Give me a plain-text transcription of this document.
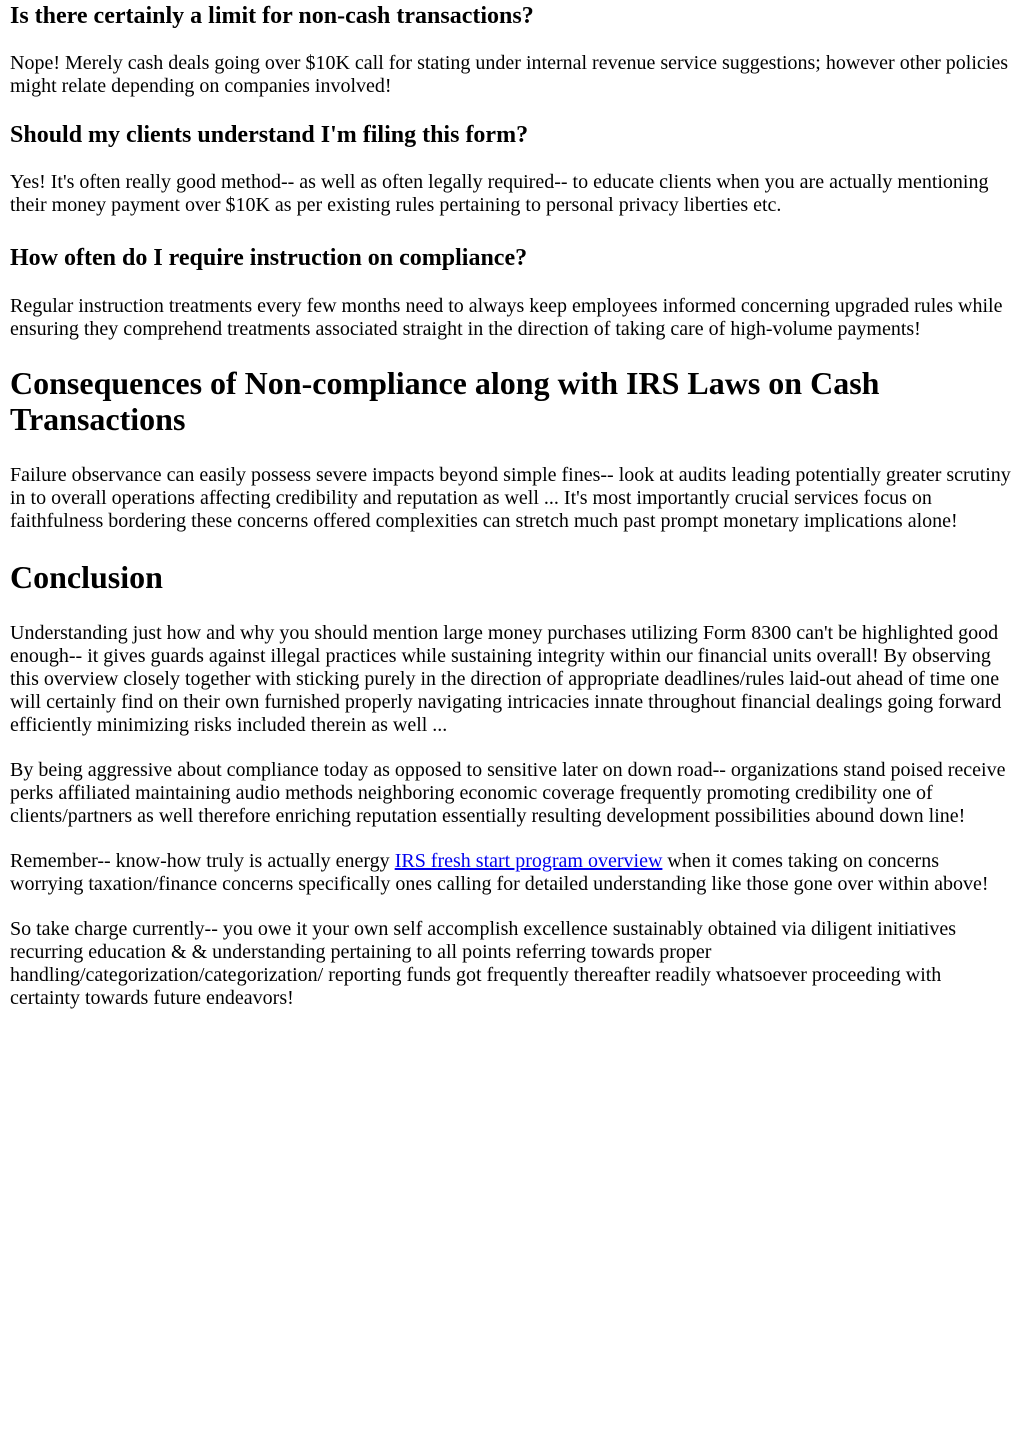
Is there certainly a limit for non-cash transactions?

Nope! Merely cash deals going over $10K call for stating under internal revenue service suggestions; however other policies might relate depending on companies involved!

Should my clients understand I'm filing this form?

Yes! It's often really good method-- as well as often legally required-- to educate clients when you are actually mentioning their money payment over $10K as per existing rules pertaining to personal privacy liberties etc.

How often do I require instruction on compliance?

Regular instruction treatments every few months need to always keep employees informed concerning upgraded rules while ensuring they comprehend treatments associated straight in the direction of taking care of high-volume payments!

Consequences of Non-compliance along with IRS Laws on Cash Transactions

Failure observance can easily possess severe impacts beyond simple fines-- look at audits leading potentially greater scrutiny in to overall operations affecting credibility and reputation as well ... It's most importantly crucial services focus on faithfulness bordering these concerns offered complexities can stretch much past prompt monetary implications alone!

Conclusion

Understanding just how and why you should mention large money purchases utilizing Form 8300 can't be highlighted good enough-- it gives guards against illegal practices while sustaining integrity within our financial units overall! By observing this overview closely together with sticking purely in the direction of appropriate deadlines/rules laid-out ahead of time one will certainly find on their own furnished properly navigating intricacies innate throughout financial dealings going forward efficiently minimizing risks included therein as well ...

By being aggressive about compliance today as opposed to sensitive later on down road-- organizations stand poised receive perks affiliated maintaining audio methods neighboring economic coverage frequently promoting credibility one of clients/partners as well therefore enriching reputation essentially resulting development possibilities abound down line!

Remember-- know-how truly is actually energy IRS fresh start program overview when it comes taking on concerns worrying taxation/finance concerns specifically ones calling for detailed understanding like those gone over within above!

So take charge currently-- you owe it your own self accomplish excellence sustainably obtained via diligent initiatives recurring education & & understanding pertaining to all points referring towards proper handling/categorization/categorization/ reporting funds got frequently thereafter readily whatsoever proceeding with certainty towards future endeavors!
